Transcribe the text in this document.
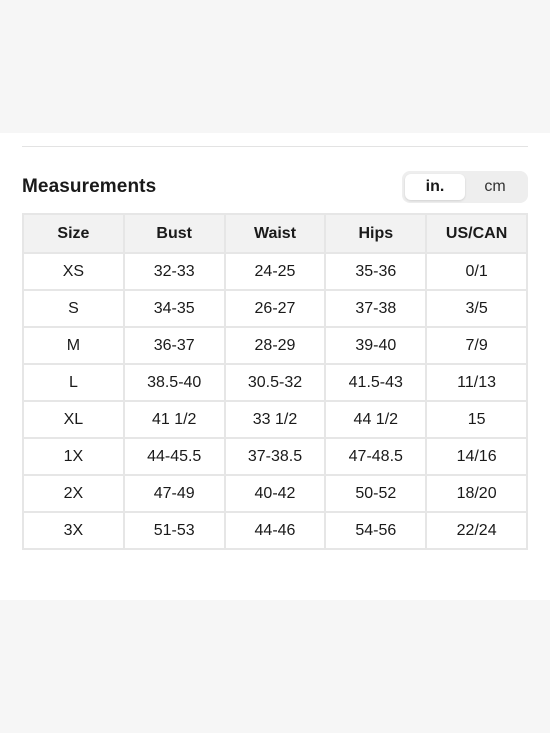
Measurements	in.	cm
Size	Bust	Waist	Hips	US/CAN
XS	32-33	24-25	35-36	0/1
S	34-35	26-27	37-38	3/5
M	36-37	28-29	39-40	7/9
L	38.5-40	30.5-32	41.5-43	11/13
XL	41 1/2	33 1/2	44 1/2	15
1X	44-45.5	37-38.5	47-48.5	14/16
2X	47-49	40-42	50-52	18/20
3X	51-53	44-46	54-56	22/24
